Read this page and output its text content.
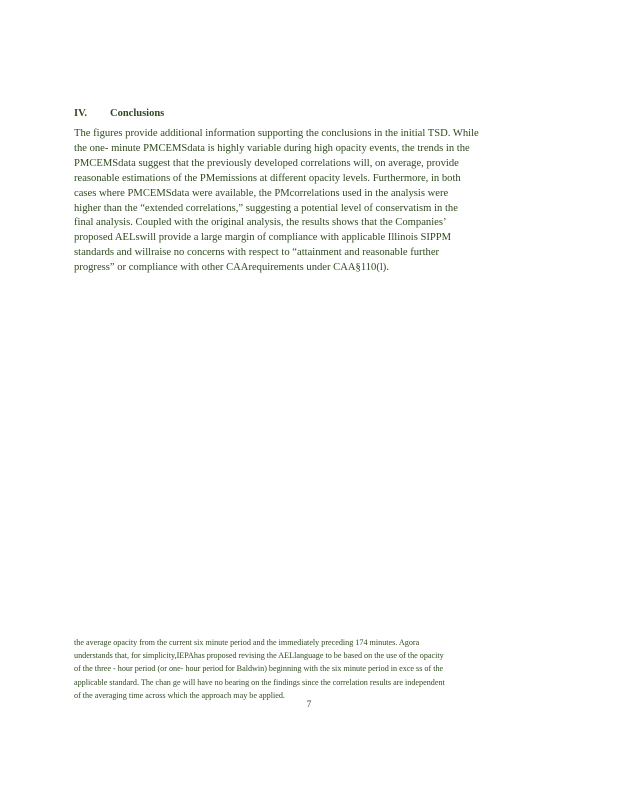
IV. Conclusions
The figures provide additional information supporting the conclusions in the initial TSD. While
the one- minute PMCEMSdata is highly variable during high opacity events, the trends in the
PMCEMSdata suggest that the previously developed correlations will, on average, provide
reasonable estimations of the PMemissions at different opacity levels. Furthermore, in both
cases where PMCEMSdata were available, the PMcorrelations used in the analysis were
higher than the “extended correlations,” suggesting a potential level of conservatism in the
final analysis. Coupled with the original analysis, the results shows that the Companies’
proposed AELswill provide a large margin of compliance with applicable Illinois SIPPM
standards and willraise no concerns with respect to “attainment and reasonable further
progress” or compliance with other CAArequirements under CAA§110(l).
the average opacity from the current six minute period and the immediately preceding 174 minutes. Agora
understands that, for simplicity,IEPAhas proposed revising the AELlanguage to be based on the use of the opacity
of the three - hour period (or one- hour period for Baldwin) beginning with the six minute period in exce ss of the
applicable standard. The chan ge will have no bearing on the findings since the correlation results are independent
of the averaging time across which the approach may be applied.
7
